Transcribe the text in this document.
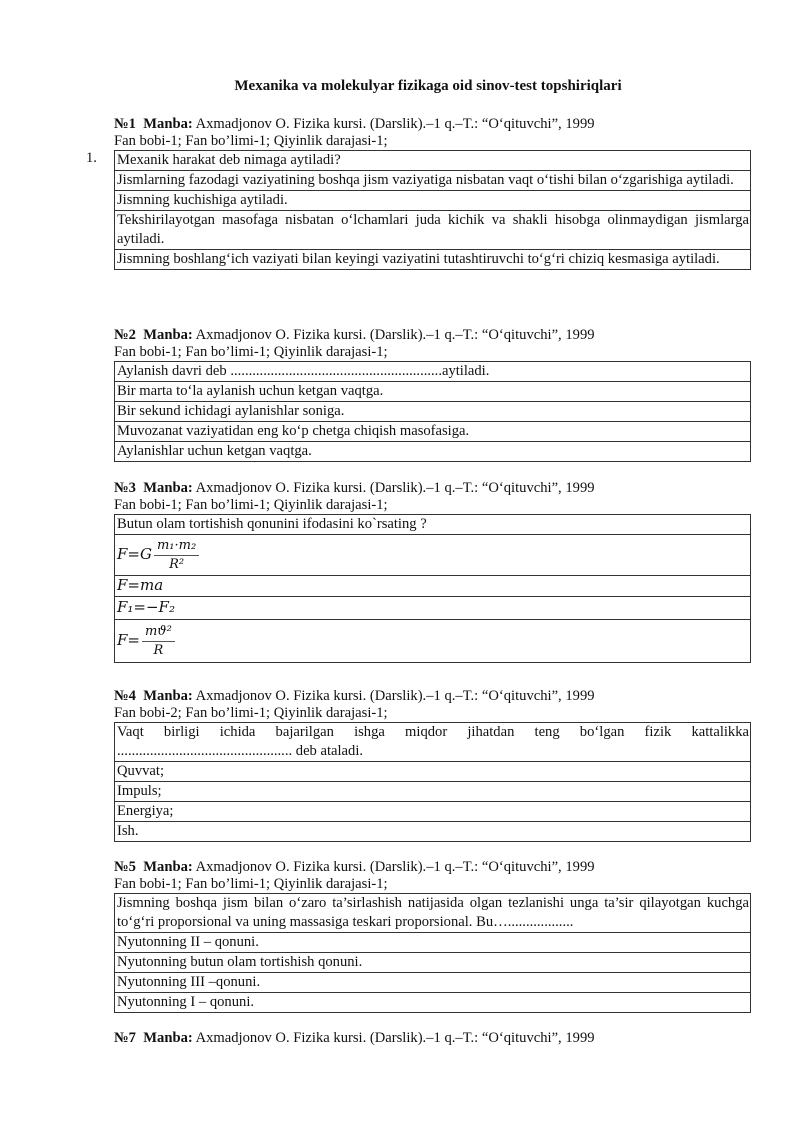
Mexanika va molekulyar fizikaga oid sinov-test topshiriqlari
№1 Manba: Axmadjonov O. Fizika kursi. (Darslik).–1 q.–T.: “O‘qituvchi”, 1999
Fan bobi-1; Fan bo’limi-1; Qiyinlik darajasi-1;
1. Mexanik harakat deb nimaga aytiladi?
Jismlarning fazodagi vaziyatining boshqa jism vaziyatiga nisbatan vaqt o‘tishi bilan o‘zgarishiga aytiladi.
Jismning kuchishiga aytiladi.
Tekshirilayotgan masofaga nisbatan o‘lchamlari juda kichik va shakli hisobga olinmaydigan jismlarga aytiladi.
Jismning boshlang‘ich vaziyati bilan keyingi vaziyatini tutashtiruvchi to‘g‘ri chiziq kesmasiga aytiladi.
№2 Manba: Axmadjonov O. Fizika kursi. (Darslik).–1 q.–T.: “O‘qituvchi”, 1999
Fan bobi-1; Fan bo’limi-1; Qiyinlik darajasi-1;
Aylanish davri deb ..........................................................aytiladi.
Bir marta to‘la aylanish uchun ketgan vaqtga.
Bir sekund ichidagi aylanishlar soniga.
Muvozanat vaziyatidan eng ko‘p chetga chiqish masofasiga.
Aylanishlar uchun ketgan vaqtga.
№3 Manba: Axmadjonov O. Fizika kursi. (Darslik).–1 q.–T.: “O‘qituvchi”, 1999
Fan bobi-1; Fan bo’limi-1; Qiyinlik darajasi-1;
Butun olam tortishish qonunini ifodasini ko`rsating ?
$F=G \frac{\text{m₁·m₂}}{\text{R²}}$

F=ma
F₁=−F₂
$F= \frac{\text{mϑ²}}{R}$
№4 Manba: Axmadjonov O. Fizika kursi. (Darslik).–1 q.–T.: “O‘qituvchi”, 1999
Fan bobi-2; Fan bo’limi-1; Qiyinlik darajasi-1;
Vaqt birligi ichida bajarilgan ishga miqdor jihatdan teng bo‘lgan fizik kattalikka ................................................ deb ataladi.
Quvvat;
Impuls;
Energiya;
Ish.
№5 Manba: Axmadjonov O. Fizika kursi. (Darslik).–1 q.–T.: “O‘qituvchi”, 1999
Fan bobi-1; Fan bo’limi-1; Qiyinlik darajasi-1;
Jismning boshqa jism bilan o‘zaro ta’sirlashish natijasida olgan tezlanishi unga ta’sir qilayotgan kuchga to‘g‘ri proporsional va uning massasiga teskari proporsional. Bu…..................
Nyutonning II – qonuni.
Nyutonning butun olam tortishish qonuni.
Nyutonning III –qonuni.
Nyutonning I – qonuni.
№7 Manba: Axmadjonov O. Fizika kursi. (Darslik).–1 q.–T.: “O‘qituvchi”, 1999
